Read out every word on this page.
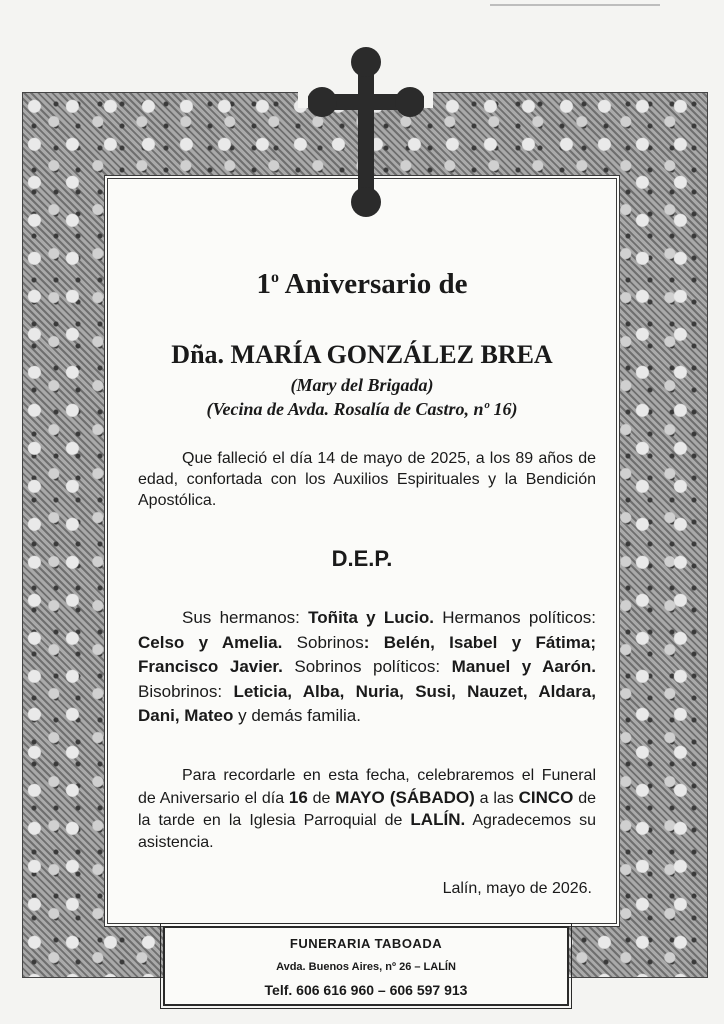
1$^o$ Aniversario de
Dña. MARÍA GONZÁLEZ BREA

(Mary del Brigada)

(Vecina de Avda. Rosalía de Castro, nº 16)

Que falleció el día 14 de mayo de 2025, a los 89 años de edad, confortada con los Auxilios Espirituales y la Bendición Apostólica.

D.E.P.

Sus hermanos: Toñita y Lucio. Hermanos políticos: Celso y Amelia. Sobrinos: Belén, Isabel y Fátima; Francisco Javier. Sobrinos políticos: Manuel y Aarón. Bisobrinos: Leticia, Alba, Nuria, Susi, Nauzet, Aldara, Dani, Mateo y demás familia.

Para recordarle en esta fecha, celebraremos el Funeral de Aniversario el día 16 de MAYO (SÁBADO) a las CINCO de la tarde en la Iglesia Parroquial de LALÍN. Agradecemos su asistencia.

Lalín, mayo de 2026.

FUNERARIA TABOADA

Avda. Buenos Aires, nº 26 – LALÍN

Telf. 606 616 960 – 606 597 913
